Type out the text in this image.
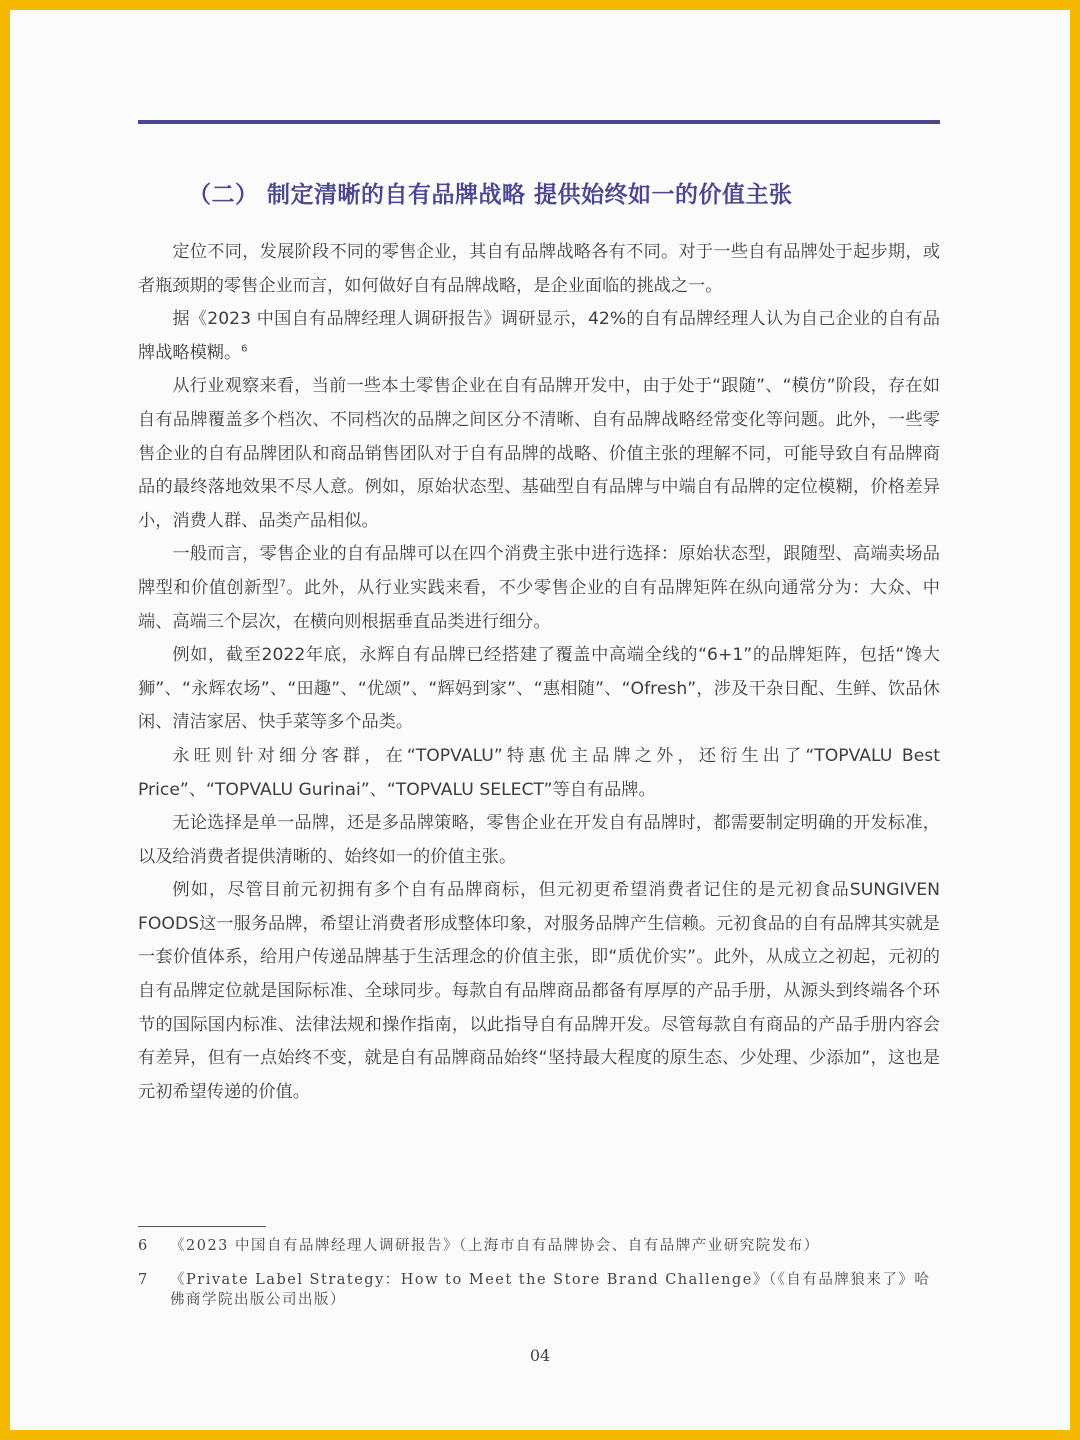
（二） 制定清晰的自有品牌战略 提供始终如一的价值主张

定位不同，发展阶段不同的零售企业，其自有品牌战略各有不同。对于一些自有品牌处于起步期，或者瓶颈期的零售企业而言，如何做好自有品牌战略，是企业面临的挑战之一。

据《2023 中国自有品牌经理人调研报告》调研显示，42%的自有品牌经理人认为自己企业的自有品牌战略模糊。$^6$

从行业观察来看，当前一些本土零售企业在自有品牌开发中，由于处于“跟随”、“模仿”阶段，存在如自有品牌覆盖多个档次、不同档次的品牌之间区分不清晰、自有品牌战略经常变化等问题。此外，一些零售企业的自有品牌团队和商品销售团队对于自有品牌的战略、价值主张的理解不同，可能导致自有品牌商品的最终落地效果不尽人意。例如，原始状态型、基础型自有品牌与中端自有品牌的定位模糊，价格差异小，消费人群、品类产品相似。

一般而言，零售企业的自有品牌可以在四个消费主张中进行选择：原始状态型，跟随型、高端卖场品牌型和价值创新型$^7$。此外，从行业实践来看，不少零售企业的自有品牌矩阵在纵向通常分为：大众、中端、高端三个层次，在横向则根据垂直品类进行细分。

例如，截至2022年底，永辉自有品牌已经搭建了覆盖中高端全线的“6+1”的品牌矩阵，包括“馋大狮”、“永辉农场”、“田趣”、“优颂”、“辉妈到家”、“惠相随”、“Ofresh”，涉及干杂日配、生鲜、饮品休闲、清洁家居、快手菜等多个品类。

永旺则针对细分客群，在“TOPVALU”特惠优主品牌之外，还衍生出了“TOPVALU Best Price”、“TOPVALU Gurinai”、“TOPVALU SELECT”等自有品牌。

无论选择是单一品牌，还是多品牌策略，零售企业在开发自有品牌时，都需要制定明确的开发标准，以及给消费者提供清晰的、始终如一的价值主张。

例如，尽管目前元初拥有多个自有品牌商标，但元初更希望消费者记住的是元初食品SUNGIVEN FOODS这一服务品牌，希望让消费者形成整体印象，对服务品牌产生信赖。元初食品的自有品牌其实就是一套价值体系，给用户传递品牌基于生活理念的价值主张，即“质优价实”。此外，从成立之初起，元初的自有品牌定位就是国际标准、全球同步。每款自有品牌商品都备有厚厚的产品手册，从源头到终端各个环节的国际国内标准、法律法规和操作指南，以此指导自有品牌开发。尽管每款自有商品的产品手册内容会有差异，但有一点始终不变，就是自有品牌商品始终“坚持最大程度的原生态、少处理、少添加”，这也是元初希望传递的价值。

6	《2023 中国自有品牌经理人调研报告》（上海市自有品牌协会、自有品牌产业研究院发布）
7	《Private Label Strategy：How to Meet the Store Brand Challenge》（《自有品牌狼来了》哈佛商学院出版公司出版）
04
